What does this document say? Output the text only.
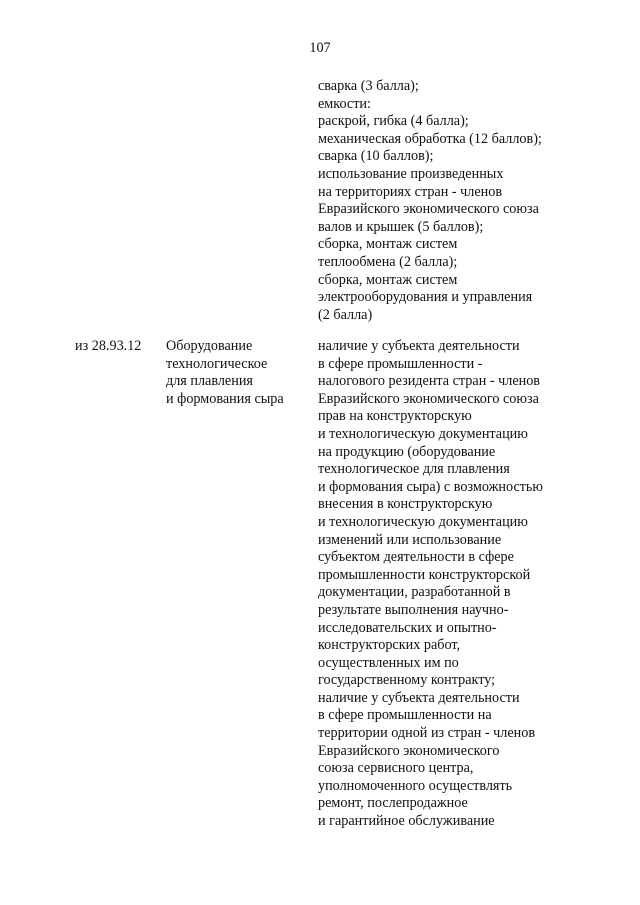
107
сварка (3 балла);
емкости:
раскрой, гибка (4 балла);
механическая обработка (12 баллов);
сварка (10 баллов);
использование произведенных
на территориях стран - членов
Евразийского экономического союза
валов и крышек (5 баллов);
сборка, монтаж систем
теплообмена (2 балла);
сборка, монтаж систем
электрооборудования и управления
(2 балла)
из 28.93.12 Оборудование
технологическое
для плавления
и формования сыра
наличие у субъекта деятельности
в сфере промышленности -
налогового резидента стран - членов
Евразийского экономического союза
прав на конструкторскую
и технологическую документацию
на продукцию (оборудование
технологическое для плавления
и формования сыра) с возможностью
внесения в конструкторскую
и технологическую документацию
изменений или использование
субъектом деятельности в сфере
промышленности конструкторской
документации, разработанной в
результате выполнения научно-
исследовательских и опытно-
конструкторских работ,
осуществленных им по
государственному контракту;
наличие у субъекта деятельности
в сфере промышленности на
территории одной из стран - членов
Евразийского экономического
союза сервисного центра,
уполномоченного осуществлять
ремонт, послепродажное
и гарантийное обслуживание
